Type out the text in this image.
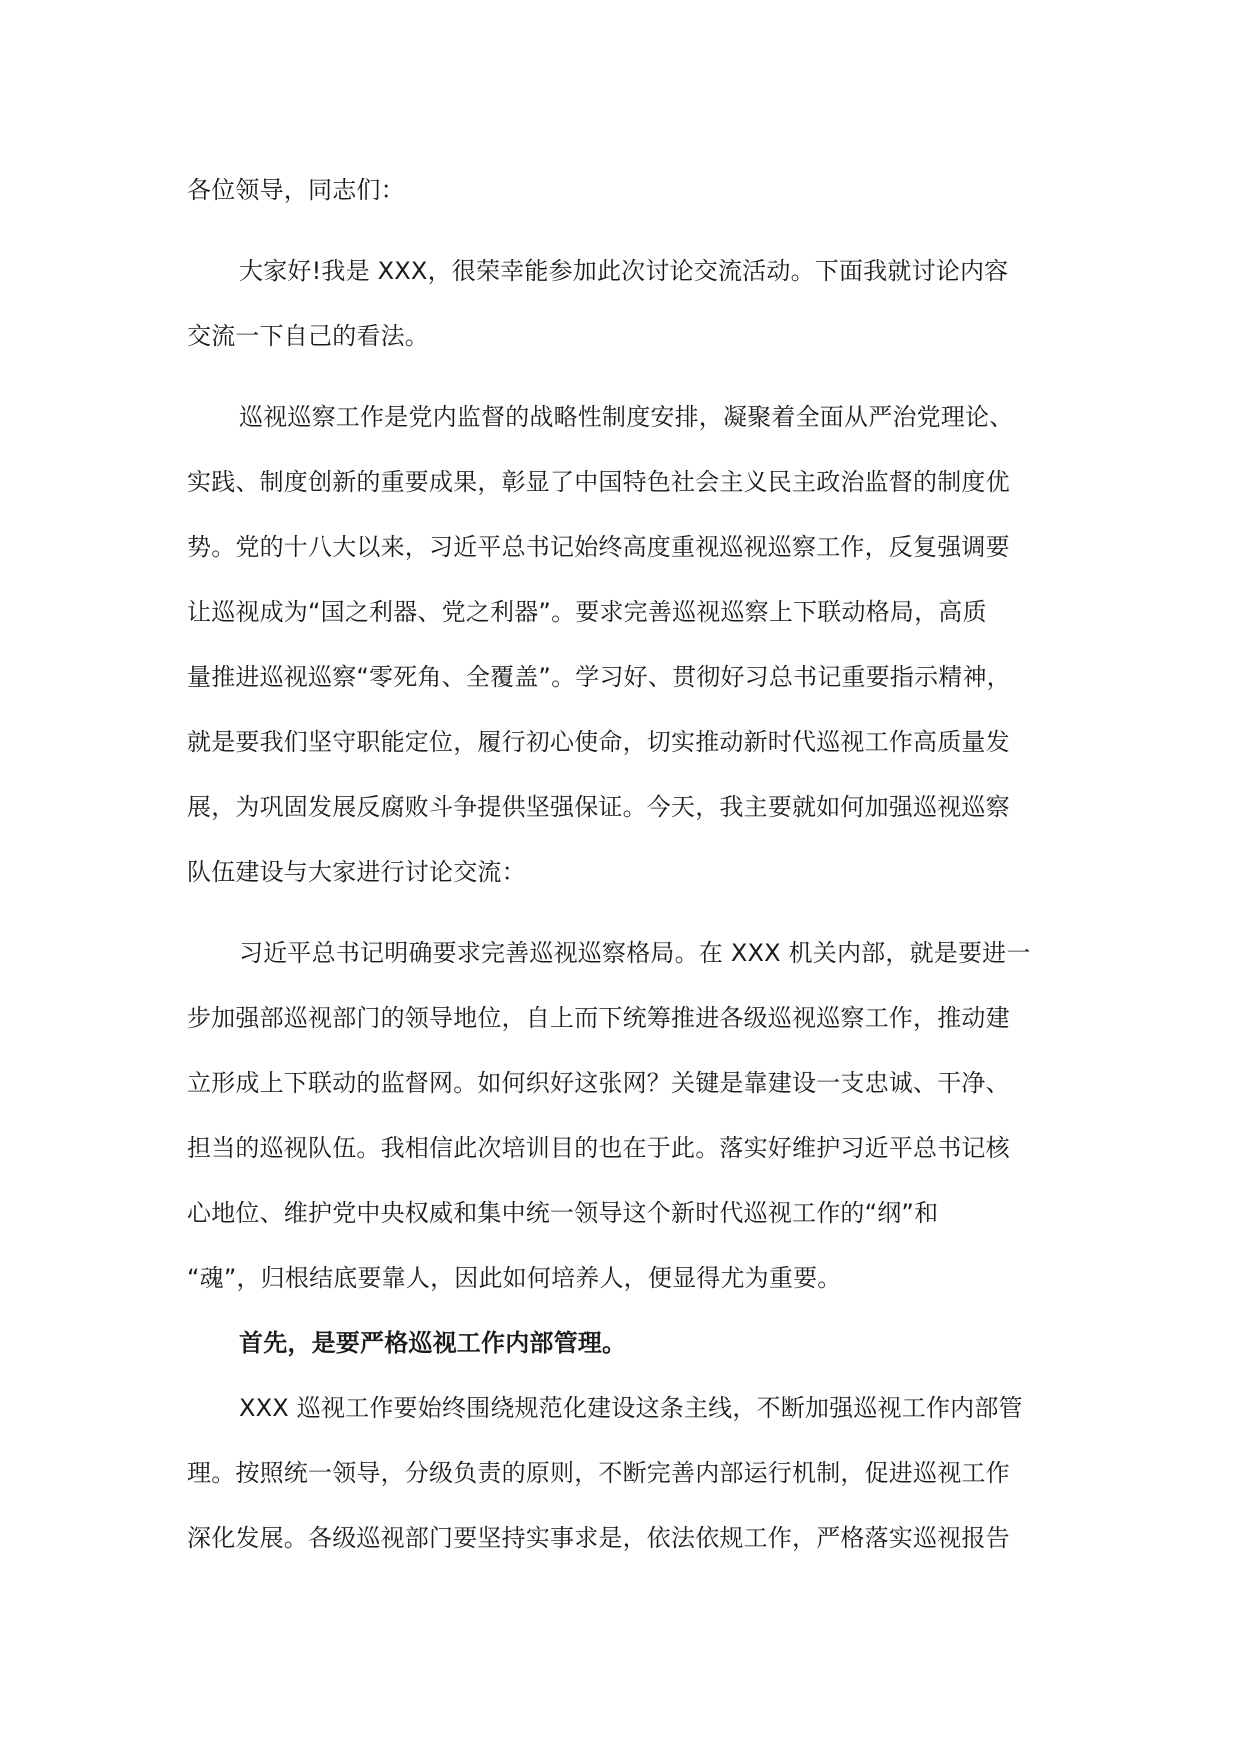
各位领导，同志们：
大家好!我是 XXX，很荣幸能参加此次讨论交流活动。下面我就讨论内容
交流一下自己的看法。
巡视巡察工作是党内监督的战略性制度安排，凝聚着全面从严治党理论、
实践、制度创新的重要成果，彰显了中国特色社会主义民主政治监督的制度优
势。党的十八大以来，习近平总书记始终高度重视巡视巡察工作，反复强调要
让巡视成为“国之利器、党之利器”。要求完善巡视巡察上下联动格局，高质
量推进巡视巡察“零死角、全覆盖”。学习好、贯彻好习总书记重要指示精神，
就是要我们坚守职能定位，履行初心使命，切实推动新时代巡视工作高质量发
展，为巩固发展反腐败斗争提供坚强保证。今天，我主要就如何加强巡视巡察
队伍建设与大家进行讨论交流：
习近平总书记明确要求完善巡视巡察格局。在 XXX 机关内部，就是要进一
步加强部巡视部门的领导地位，自上而下统筹推进各级巡视巡察工作，推动建
立形成上下联动的监督网。如何织好这张网？关键是靠建设一支忠诚、干净、
担当的巡视队伍。我相信此次培训目的也在于此。落实好维护习近平总书记核
心地位、维护党中央权威和集中统一领导这个新时代巡视工作的“纲”和
“魂”，归根结底要靠人，因此如何培养人，便显得尤为重要。
首先，是要严格巡视工作内部管理。
XXX 巡视工作要始终围绕规范化建设这条主线，不断加强巡视工作内部管
理。按照统一领导，分级负责的原则，不断完善内部运行机制，促进巡视工作
深化发展。各级巡视部门要坚持实事求是，依法依规工作，严格落实巡视报告
